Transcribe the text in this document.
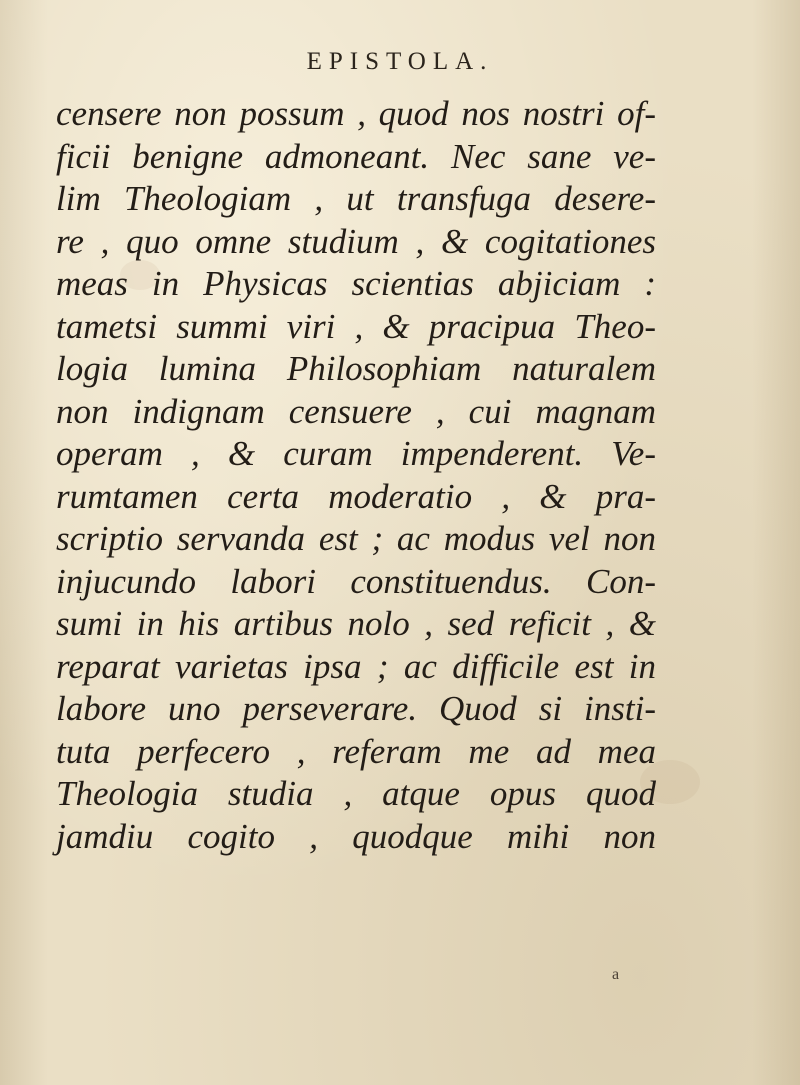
EPISTOLA.
censere non possum , quod nos nostri of-
ficii benigne admoneant. Nec sane ve-
lim Theologiam , ut transfuga desere-
re , quo omne studium , & cogitationes
meas in Physicas scientias abjiciam :
tametsi summi viri , & pracipua Theo-
logia lumina Philosophiam naturalem
non indignam censuere , cui magnam
operam , & curam impenderent. Ve-
rumtamen certa moderatio , & pra-
scriptio servanda est ; ac modus vel non
injucundo labori constituendus. Con-
sumi in his artibus nolo , sed reficit , &
reparat varietas ipsa ; ac difficile est in
labore uno perseverare. Quod si insti-
tuta perfecero , referam me ad mea
Theologia studia , atque opus quod
jamdiu cogito , quodque mihi non
a
